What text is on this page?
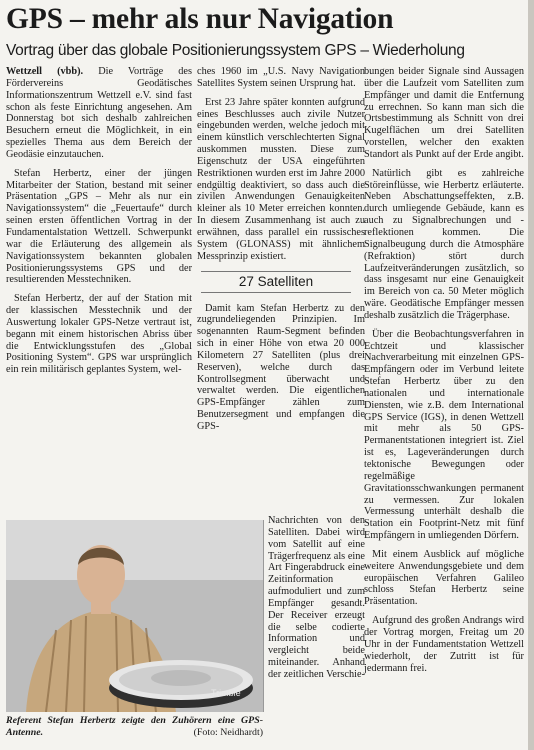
GPS – mehr als nur Navigation
Vortrag über das globale Positionierungssystem GPS – Wiederholung

Wettzell (vbb). Die Vorträge des Fördervereins Geodätisches Informationszentrum Wettzell e.V. sind fast schon als feste Einrichtung angesehen. Am Donnerstag bot sich deshalb zahlreichen Besuchern erneut die Möglichkeit, in ein spezielles Thema aus dem Bereich der Geodäsie einzutauchen.

Stefan Herbertz, einer der jüngen Mitarbeiter der Station, bestand mit seiner Präsentation „GPS – Mehr als nur ein Navigationssystem“ die „Feuertaufe“ durch seinen ersten öffentlichen Vortrag in der Fundamentalstation Wettzell. Schwerpunkt war die Erläuterung des allgemein als Navigationssystem bekannten globalen Positionierungssystems GPS und der resultierenden Messtechniken.

Stefan Herbertz, der auf der Station mit der klassischen Messtechnik und der Auswertung lokaler GPS-Netze vertraut ist, begann mit einem historischen Abriss über die Entwicklungsstufen des „Global Positioning System“. GPS war ursprünglich ein rein militärisch geplantes System, wel-

ches 1960 im „U.S. Navy Navigation Satellites System seinen Ursprung hat.

Erst 23 Jahre später konnten aufgrund eines Beschlusses auch zivile Nutzer eingebunden werden, welche jedoch mit einem künstlich verschlechterten Signal auskommen mussten. Diese zum Eigenschutz der USA eingeführten Restriktionen wurden erst im Jahre 2000 endgültig deaktiviert, so dass auch die zivilen Anwendungen Genauigkeiten kleiner als 10 Meter erreichen konnten. In diesem Zusammenhang ist auch zu erwähnen, dass parallel ein russisches System (GLONASS) mit ähnlichem Messprinzip existiert.

27 Satelliten

Damit kam Stefan Herbertz zu den zugrundeliegenden Prinzipien. Im sogenannten Raum-Segment befinden sich in einer Höhe von etwa 20 000 Kilometern 27 Satelliten (plus drei Reserven), welche durch das Kontrollsegment überwacht und verwaltet werden. Die eigentlichen GPS-Empfänger zählen zum Benutzersegment und empfangen die GPS-

bungen beider Signale sind Aussagen über die Laufzeit vom Satelliten zum Empfänger und damit die Entfernung zu errechnen. So kann man sich die Ortsbestimmung als Schnitt von drei Kugelflächen um drei Satelliten vorstellen, welcher den exakten Standort als Punkt auf der Erde angibt.

Natürlich gibt es zahlreiche Störeinflüsse, wie Herbertz erläuterte. Neben Abschattungseffekten, z.B. durch umliegende Gebäude, kann es auch zu Signalbrechungen und -reflektionen kommen. Die Signalbeugung durch die Atmosphäre (Refraktion) stört durch Laufzeitveränderungen zusätzlich, so dass insgesamt nur eine Genauigkeit im Bereich von ca. 50 Meter möglich wäre. Geodätische Empfänger messen deshalb zusätzlich die Trägerphase.

Über die Beobachtungsverfahren in Echtzeit und klassischer Nachverarbeitung mit einzelnen GPS-Empfängern oder im Verbund leitete Stefan Herbertz über zu den nationalen und internationale Diensten, wie z.B. dem International GPS Service (IGS), in denen Wettzell mit mehr als 50 GPS-Permanentstationen integriert ist. Ziel ist es, Lageveränderungen durch tektonische Bewegungen oder regelmäßige Gravitationsschwankungen permanent zu vermessen. Zur lokalen Vermessung unterhält deshalb die Station ein Footprint-Netz mit fünf Empfängern in umliegenden Dörfern.

Mit einem Ausblick auf mögliche weitere Anwendungsgebiete und dem europäischen Verfahren Galileo schloss Stefan Herbertz seine Präsentation.

Aufgrund des großen Andrangs wird der Vortrag morgen, Freitag um 20 Uhr in der Fundamentstation Wettzell wiederholt, der Zutritt ist für jedermann frei.

Trimble

Nachrichten von den Satelliten. Dabei wird vom Satellit auf eine Trägerfrequenz als eine Art Fingerabdruck eine Zeitinformation aufmoduliert und zum Empfänger gesandt. Der Receiver erzeugt die selbe codierte Information und vergleicht beide miteinander. Anhand der zeitlichen Verschie-

Referent Stefan Herbertz zeigte den Zuhörern eine GPS-Antenne.	(Foto: Neidhardt)
